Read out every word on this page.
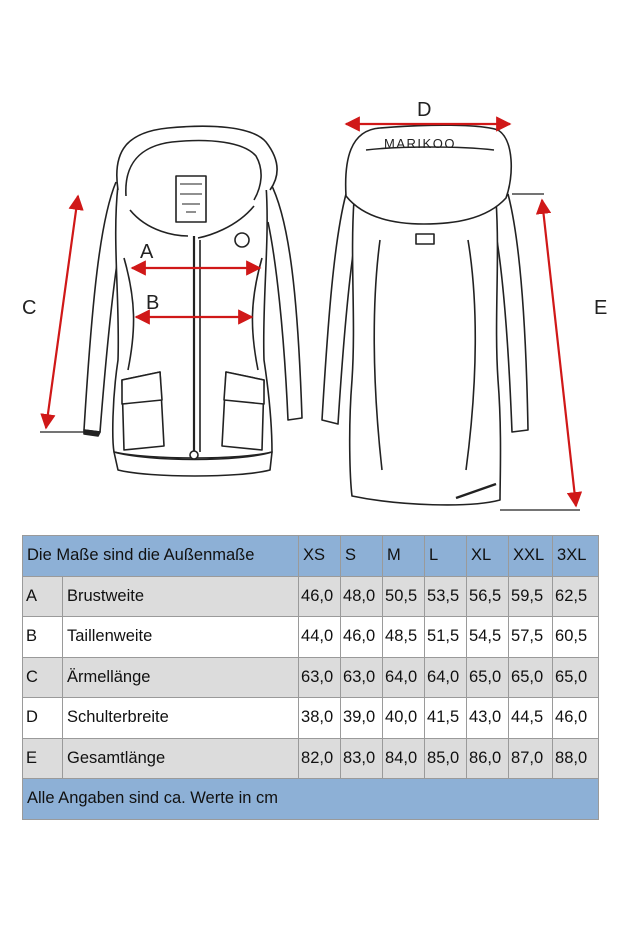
MARIKOO
A
B
C
D
E
Die Maße sind die Außenmaße		XS	S	M	L	XL	XXL	3XL
A	Brustweite	46,0	48,0	50,5	53,5	56,5	59,5	62,5
B	Taillenweite	44,0	46,0	48,5	51,5	54,5	57,5	60,5
C	Ärmellänge	63,0	63,0	64,0	64,0	65,0	65,0	65,0
D	Schulterbreite	38,0	39,0	40,0	41,5	43,0	44,5	46,0
E	Gesamtlänge	82,0	83,0	84,0	85,0	86,0	87,0	88,0
Alle Angaben sind ca. Werte in cm								
